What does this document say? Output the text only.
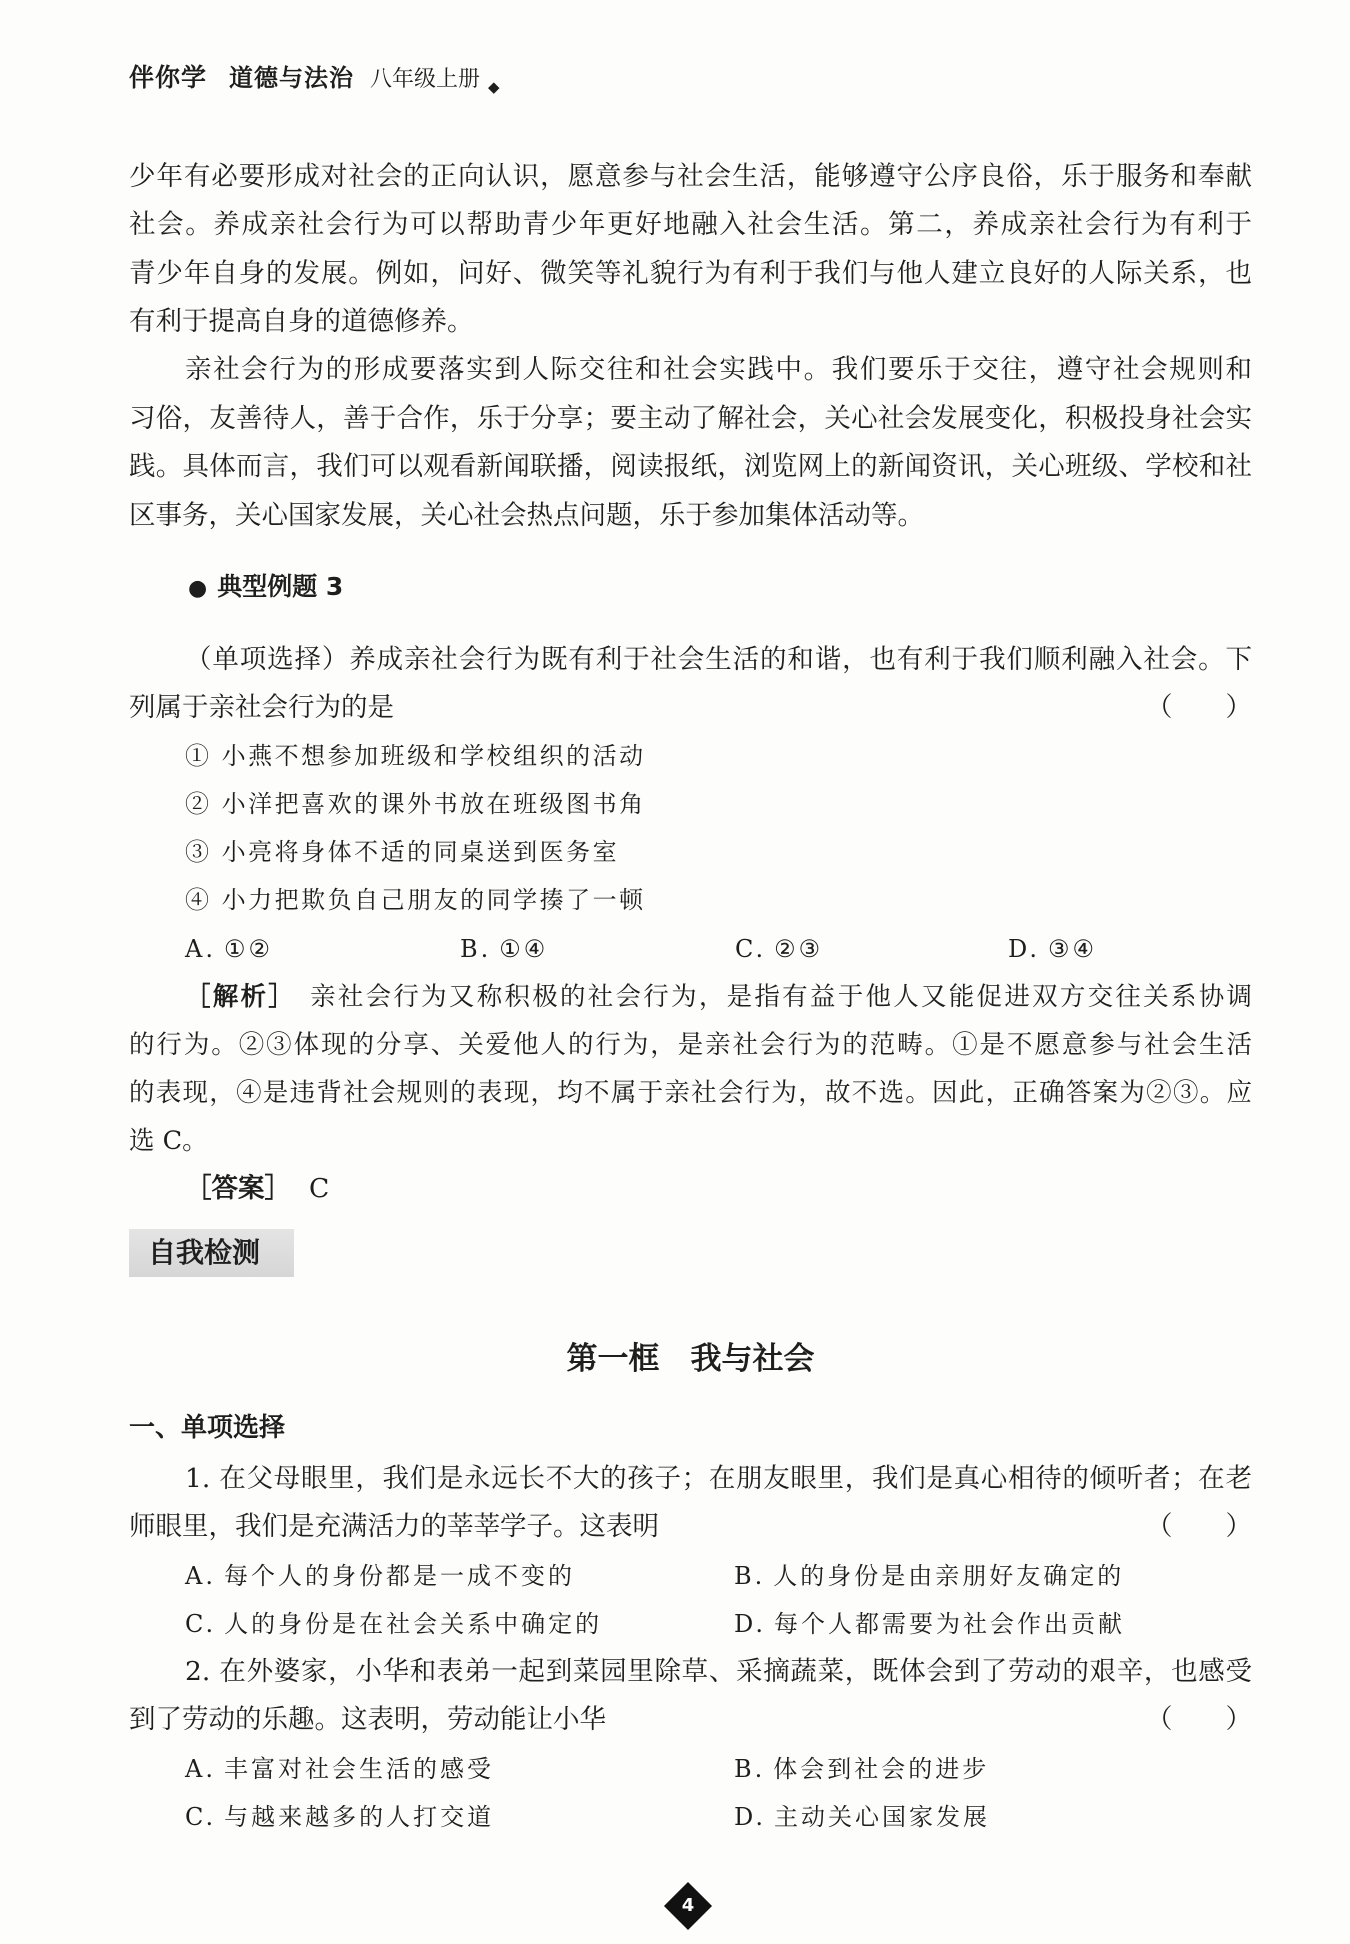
伴你学 道德与法治 八年级上册 ◆
少年有必要形成对社会的正向认识，愿意参与社会生活，能够遵守公序良俗，乐于服务和奉献
社会。养成亲社会行为可以帮助青少年更好地融入社会生活。第二，养成亲社会行为有利于
青少年自身的发展。例如，问好、微笑等礼貌行为有利于我们与他人建立良好的人际关系，也
有利于提高自身的道德修养。
亲社会行为的形成要落实到人际交往和社会实践中。我们要乐于交往，遵守社会规则和
习俗，友善待人，善于合作，乐于分享；要主动了解社会，关心社会发展变化，积极投身社会实
践。具体而言，我们可以观看新闻联播，阅读报纸，浏览网上的新闻资讯，关心班级、学校和社
区事务，关心国家发展，关心社会热点问题，乐于参加集体活动等。
● 典型例题 3
（单项选择）养成亲社会行为既有利于社会生活的和谐，也有利于我们顺利融入社会。下
列属于亲社会行为的是	（　　）
① 小燕不想参加班级和学校组织的活动
② 小洋把喜欢的课外书放在班级图书角
③ 小亮将身体不适的同桌送到医务室
④ 小力把欺负自己朋友的同学揍了一顿
A. ①②	B. ①④	C. ②③	D. ③④
［解析］ 亲社会行为又称积极的社会行为，是指有益于他人又能促进双方交往关系协调
的行为。②③体现的分享、关爱他人的行为，是亲社会行为的范畴。①是不愿意参与社会生活
的表现，④是违背社会规则的表现，均不属于亲社会行为，故不选。因此，正确答案为②③。应
选 C。
［答案］ C
自我检测
第一框　我与社会
一、单项选择
1. 在父母眼里，我们是永远长不大的孩子；在朋友眼里，我们是真心相待的倾听者；在老
师眼里，我们是充满活力的莘莘学子。这表明	（　　）
A. 每个人的身份都是一成不变的	B. 人的身份是由亲朋好友确定的
C. 人的身份是在社会关系中确定的	D. 每个人都需要为社会作出贡献
2. 在外婆家，小华和表弟一起到菜园里除草、采摘蔬菜，既体会到了劳动的艰辛，也感受
到了劳动的乐趣。这表明，劳动能让小华	（　　）
A. 丰富对社会生活的感受	B. 体会到社会的进步
C. 与越来越多的人打交道	D. 主动关心国家发展
4
